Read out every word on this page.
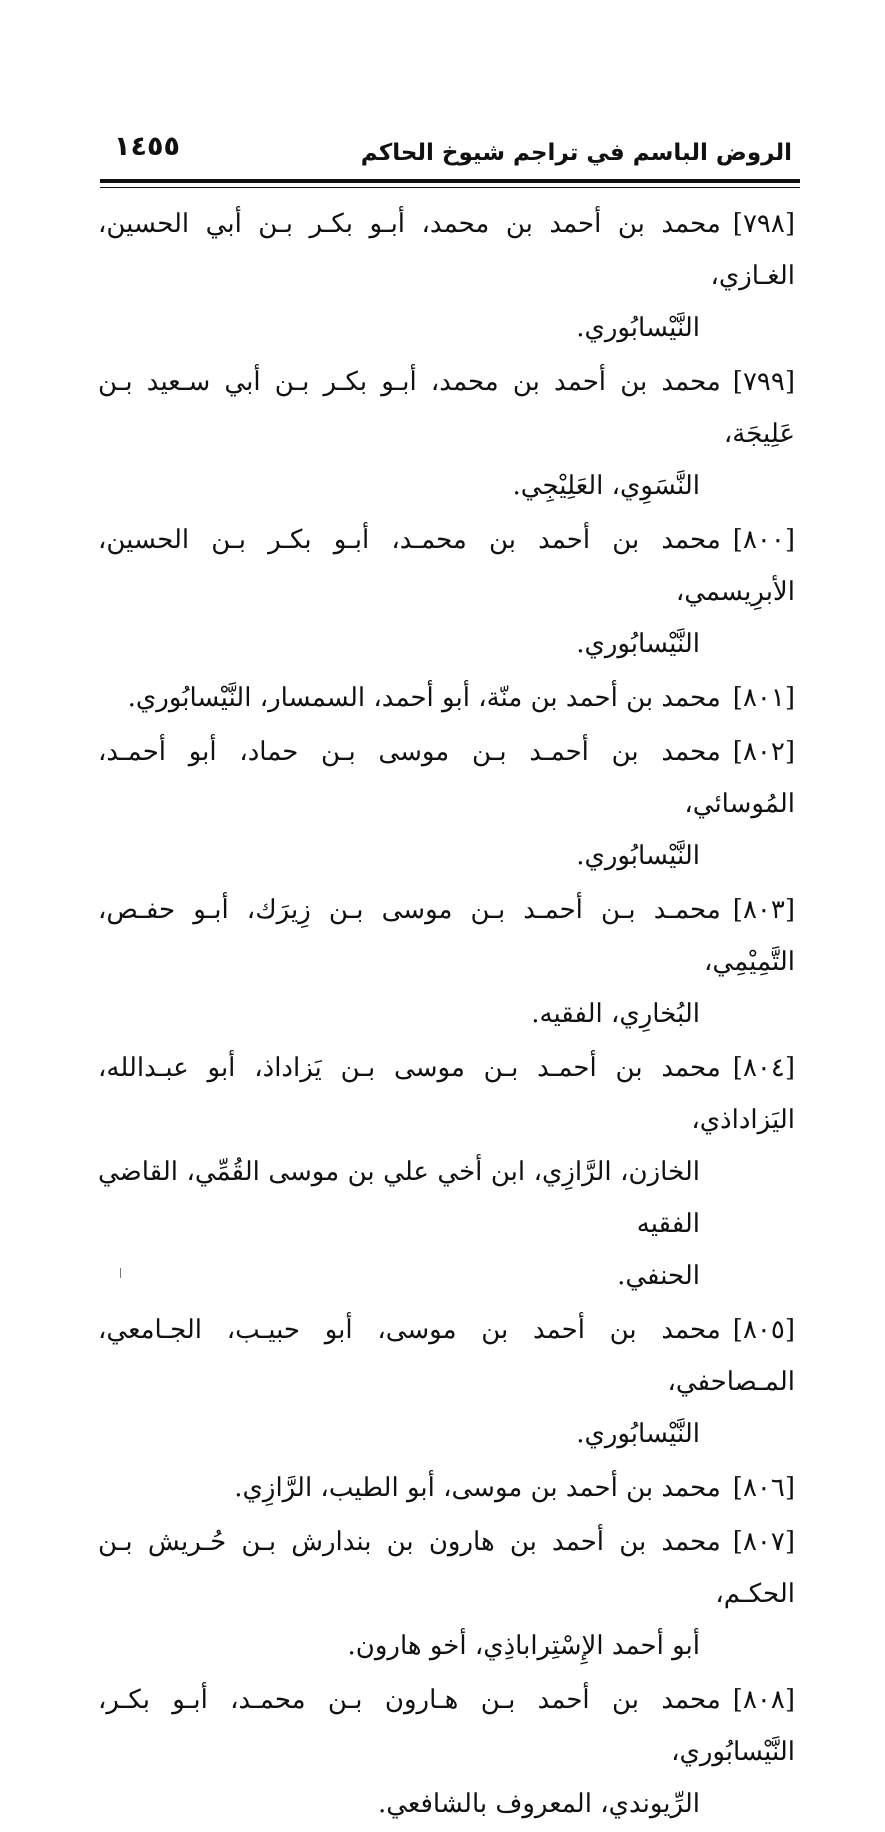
الروض الباسم في تراجم شيوخ الحاكم
١٤٥٥
[٧٩٨]محمد بن أحمد بن محمد، أبـو بكـر بـن أبي الحسين، الغـازي،
النَّيْسابُوري.
[٧٩٩]محمد بن أحمد بن محمد، أبـو بكـر بـن أبي سـعيد بـن عَلِيجَة،
النَّسَوِي، العَلِيْجِي.
[٨٠٠]محمد بن أحمد بن محمـد، أبـو بكـر بـن الحسين، الأبرِيسمي،
النَّيْسابُوري.
[٨٠١]محمد بن أحمد بن منّة، أبو أحمد، السمسار، النَّيْسابُوري.
[٨٠٢]محمد بن أحمـد بـن موسى بـن حماد، أبو أحمـد، المُوسائي،
النَّيْسابُوري.
[٨٠٣]محمـد بـن أحمـد بـن موسى بـن زِيرَك، أبـو حفـص، التَّمِيْمِي،
البُخارِي، الفقيه.
[٨٠٤]محمد بن أحمـد بـن موسى بـن يَزاداذ، أبو عبـدالله، اليَزاداذي،
الخازن، الرَّازِي، ابن أخي علي بن موسى القُمِّي، القاضي الفقيه
الحنفي.
[٨٠٥]محمد بن أحمد بن موسى، أبو حبيـب، الجـامعي، المـصاحفي،
النَّيْسابُوري.
[٨٠٦]محمد بن أحمد بن موسى، أبو الطيب، الرَّازِي.
[٨٠٧]محمد بن أحمد بن هارون بن بندارش بـن حُـريش بـن الحكـم،
أبو أحمد الإِسْتِراباذِي، أخو هارون.
[٨٠٨]محمد بن أحمد بـن هـارون بـن محمـد، أبـو بكـر، النَّيْسابُوري،
الرِّيوندي، المعروف بالشافعي.
